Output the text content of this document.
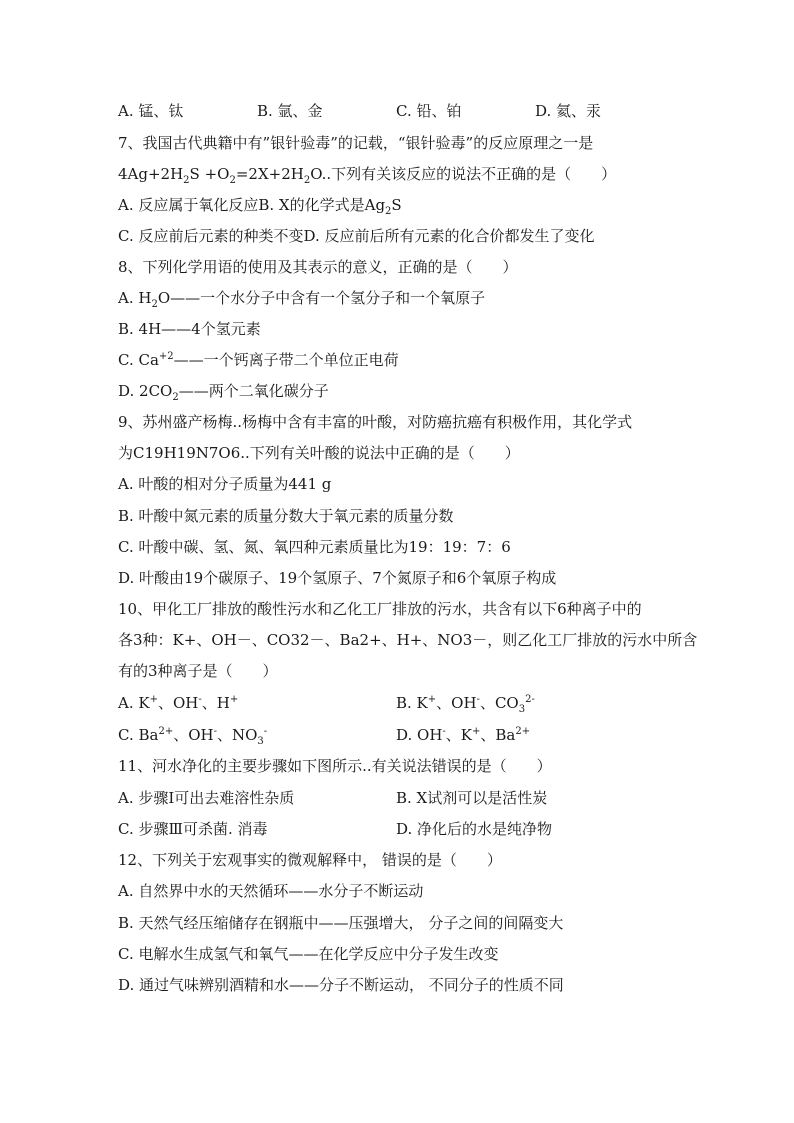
A. 锰、钛	B. 氩、金	C. 铅、铂	D. 氦、汞
7、我国古代典籍中有”银针验毒”的记载，“银针验毒”的反应原理之一是
$4Ag+2H_2S +O_2=2X+2H_2O$..下列有关该反应的说法不正确的是（　　）
A. 反应属于氧化反应B. X的化学式是$Ag_2S$
C. 反应前后元素的种类不变D. 反应前后所有元素的化合价都发生了变化
8、下列化学用语的使用及其表示的意义，正确的是（　　）
A. $H_2O——$一个水分子中含有一个氢分子和一个氧原子
B. 4H——4个氢元素
C. $Ca^{+2}——$一个钙离子带二个单位正电荷
D. $2CO_2——$两个二氧化碳分子
9、苏州盛产杨梅..杨梅中含有丰富的叶酸，对防癌抗癌有积极作用，其化学式
为C19H19N7O6..下列有关叶酸的说法中正确的是（　　）
A. 叶酸的相对分子质量为441 g
B. 叶酸中氮元素的质量分数大于氧元素的质量分数
C. 叶酸中碳、氢、氮、氧四种元素质量比为19：19：7：6
D. 叶酸由19个碳原子、19个氢原子、7个氮原子和6个氧原子构成
10、甲化工厂排放的酸性污水和乙化工厂排放的污水，共含有以下6种离子中的
各3种：K+、OH－、CO32－、Ba2+、H+、NO3－，则乙化工厂排放的污水中所含
有的3种离子是（　　）
A. K+、OH-、H+	B. K+、OH-、$CO_3^{2-}$
C. $Ba^{2+}$、OH-、$NO_3^-$	D. OH-、K+、$Ba^{2+}$
11、河水净化的主要步骤如下图所示..有关说法错误的是（　　）
A. 步骤Ⅰ可出去难溶性杂质	B. X试剂可以是活性炭
C. 步骤Ⅲ可杀菌. 消毒	D. 净化后的水是纯净物
12、下列关于宏观事实的微观解释中， 错误的是（　　）
A. 自然界中水的天然循环——水分子不断运动
B. 天然气经压缩储存在钢瓶中——压强增大， 分子之间的间隔变大
C. 电解水生成氢气和氧气——在化学反应中分子发生改变
D. 通过气味辨别酒精和水——分子不断运动， 不同分子的性质不同
